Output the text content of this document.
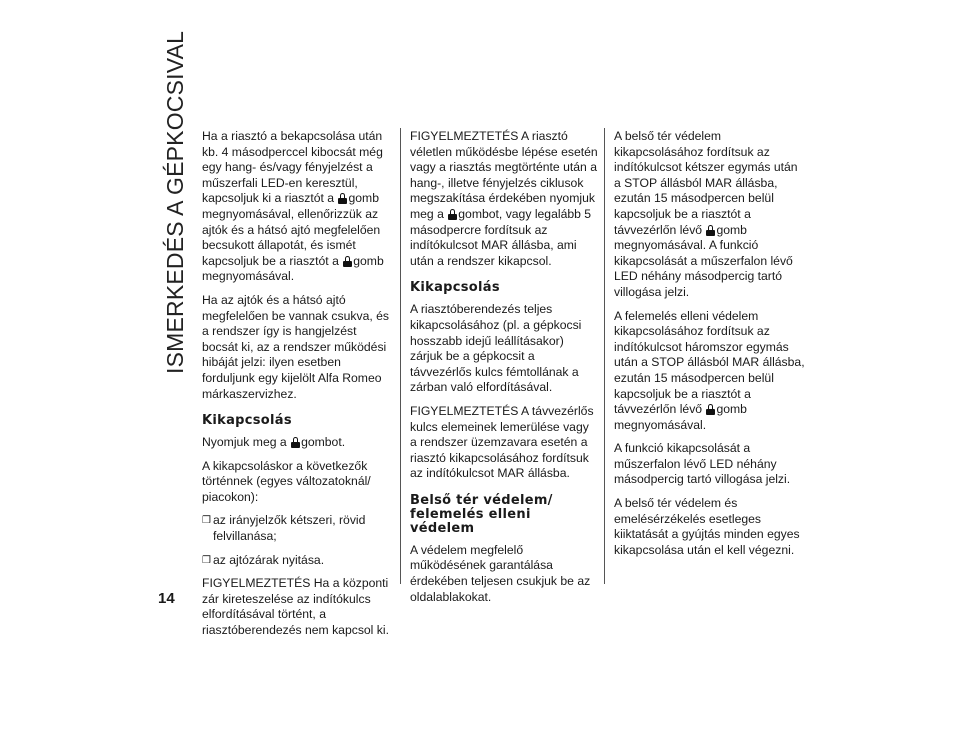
ISMERKEDÉS A GÉPKOCSIVAL
14

Ha a riasztó a bekapcsolása után kb. 4 másodperccel kibocsát még egy hang- és/vagy fényjelzést a műszerfali LED-en keresztül, kapcsoljuk ki a riasztót a gomb megnyomásával, ellenőrizzük az ajtók és a hátsó ajtó megfelelően becsukott állapotát, és ismét kapcsoljuk be a riasztót a gomb megnyomásával.

Ha az ajtók és a hátsó ajtó megfelelően be vannak csukva, és a rendszer így is hangjelzést bocsát ki, az a rendszer működési hibáját jelzi: ilyen esetben forduljunk egy kijelölt Alfa Romeo márkaszervizhez.

Kikapcsolás

Nyomjuk meg a gombot.

A kikapcsoláskor a következők történnek (egyes változatoknál/ piacokon):

❒ az irányjelzők kétszeri, rövid felvillanása;
❒ az ajtózárak nyitása.

FIGYELMEZTETÉS Ha a központi zár kireteszelése az indítókulcs elfordításával történt, a riasztóberendezés nem kapcsol ki.

FIGYELMEZTETÉS A riasztó véletlen működésbe lépése esetén vagy a riasztás megtörténte után a hang-, illetve fényjelzés ciklusok megszakítása érdekében nyomjuk meg a gombot, vagy legalább 5 másodpercre fordítsuk az indítókulcsot MAR állásba, ami után a rendszer kikapcsol.

Kikapcsolás

A riasztóberendezés teljes kikapcsolásához (pl. a gépkocsi hosszabb idejű leállításakor) zárjuk be a gépkocsit a távvezérlős kulcs fémtollának a zárban való elfordításával.

FIGYELMEZTETÉS A távvezérlős kulcs elemeinek lemerülése vagy a rendszer üzemzavara esetén a riasztó kikapcsolásához fordítsuk az indítókulcsot MAR állásba.

Belső tér védelem/ felemelés elleni védelem

A védelem megfelelő működésének garantálása érdekében teljesen csukjuk be az oldalablakokat.

A belső tér védelem kikapcsolásához fordítsuk az indítókulcsot kétszer egymás után a STOP állásból MAR állásba, ezután 15 másodpercen belül kapcsoljuk be a riasztót a távvezérlőn lévő gomb megnyomásával. A funkció kikapcsolását a műszerfalon lévő LED néhány másodpercig tartó villogása jelzi.

A felemelés elleni védelem kikapcsolásához fordítsuk az indítókulcsot háromszor egymás után a STOP állásból MAR állásba, ezután 15 másodpercen belül kapcsoljuk be a riasztót a távvezérlőn lévő gomb megnyomásával.

A funkció kikapcsolását a műszerfalon lévő LED néhány másodpercig tartó villogása jelzi.

A belső tér védelem és emelésérzékelés esetleges kiiktatását a gyújtás minden egyes kikapcsolása után el kell végezni.
